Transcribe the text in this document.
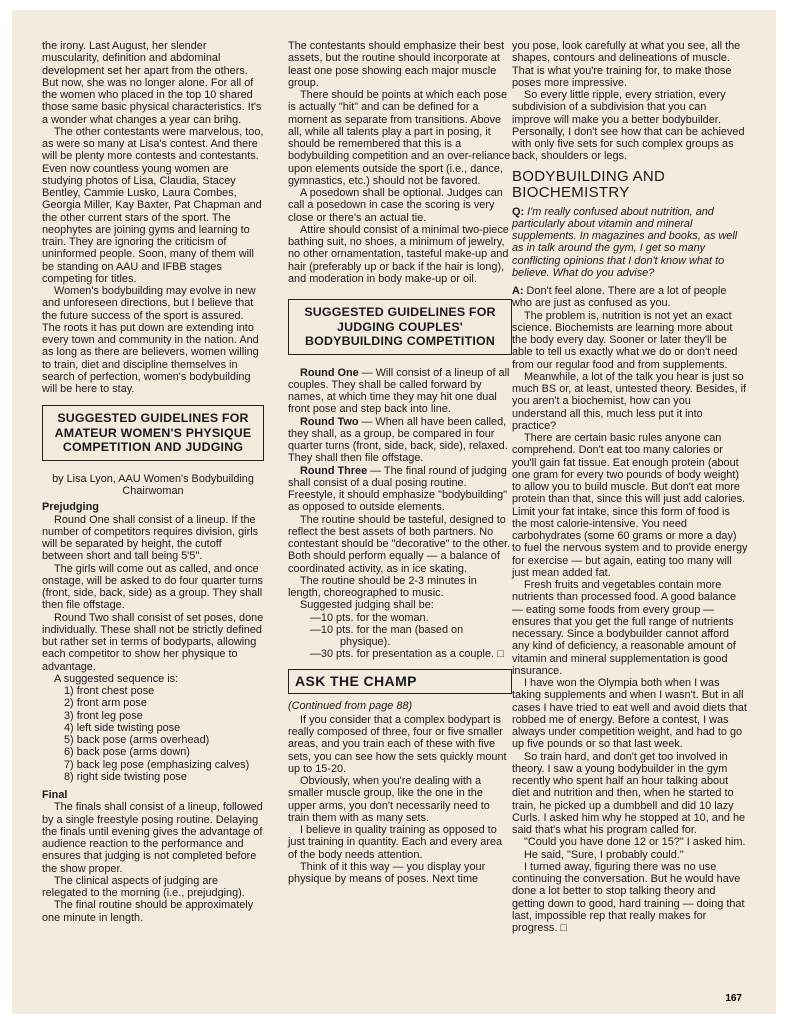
the irony. Last August, her slender muscularity, definition and abdominal development set her apart from the others. But now, she was no longer alone. For all of the women who placed in the top 10 shared those same basic physical characteristics. It's a wonder what changes a year can brihg.

The other contestants were marvelous, too, as were so many at Lisa's contest. And there will be plenty more contests and contestants. Even now countless young women are studying photos of Lisa, Claudia, Stacey Bentley, Cammie Lusko, Laura Combes, Georgia Miller, Kay Baxter, Pat Chapman and the other current stars of the sport. The neophytes are joining gyms and learning to train. They are ignoring the criticism of uninformed people. Soon, many of them will be standing on AAU and IFBB stages competing for titles.

Women's bodybuilding may evolve in new and unforeseen directions, but I believe that the future success of the sport is assured. The roots it has put down are extending into every town and community in the nation. And as long as there are believers, women willing to train, diet and discipline themselves in search of perfection, women's bodybuilding will be here to stay.

SUGGESTED GUIDELINES FOR AMATEUR WOMEN'S PHYSIQUE COMPETITION AND JUDGING

by Lisa Lyon, AAU Women's Bodybuilding Chairwoman

Prejudging

Round One shall consist of a lineup. If the number of competitors requires division, girls will be separated by height, the cutoff between short and tall being 5'5".

The girls will come out as called, and once onstage, will be asked to do four quarter turns (front, side, back, side) as a group. They shall then file offstage.

Round Two shall consist of set poses, done individually. These shall not be strictly defined but rather set in terms of bodyparts, allowing each competitor to show her physique to advantage.

A suggested sequence is:

1) front chest pose

2) front arm pose

3) front leg pose

4) left side twisting pose

5) back pose (arms overhead)

6) back pose (arms down)

7) back leg pose (emphasizing calves)

8) right side twisting pose

Final

The finals shall consist of a lineup, followed by a single freestyle posing routine. Delaying the finals until evening gives the advantage of audience reaction to the performance and ensures that judging is not completed before the show proper.

The clinical aspects of judging are relegated to the morning (i.e., prejudging).

The final routine should be approximately one minute in length.

The contestants should emphasize their best assets, but the routine should incorporate at least one pose showing each major muscle group.

There should be points at which each pose is actually "hit" and can be defined for a moment as separate from transitions. Above all, while all talents play a part in posing, it should be remembered that this is a bodybuilding competition and an over-reliance upon elements outside the sport (i.e., dance, gymnastics, etc.) should not be favored.

A posedown shall be optional. Judges can call a posedown in case the scoring is very close or there's an actual tie.

Attire should consist of a minimal two-piece bathing suit, no shoes, a minimum of jewelry, no other ornamentation, tasteful make-up and hair (preferably up or back if the hair is long), and moderation in body make-up or oil.

SUGGESTED GUIDELINES FOR JUDGING COUPLES' BODYBUILDING COMPETITION

Round One — Will consist of a lineup of all couples. They shall be called forward by names, at which time they may hit one dual front pose and step back into line.

Round Two — When all have been called, they shall, as a group, be compared in four quarter turns (front, side, back, side), relaxed. They shall then file offstage.

Round Three — The final round of judging shall consist of a dual posing routine. Freestyle, it should emphasize "bodybuilding" as opposed to outside elements.

The routine should be tasteful, designed to reflect the best assets of both partners. No contestant should be "decorative" to the other. Both should perform equally — a balance of coordinated activity, as in ice skating.

The routine should be 2-3 minutes in length, choreographed to music.

Suggested judging shall be:

—10 pts. for the woman.

—10 pts. for the man (based on physique).

—30 pts. for presentation as a couple. □

ASK THE CHAMP

(Continued from page 88)

If you consider that a complex bodypart is really composed of three, four or five smaller areas, and you train each of these with five sets, you can see how the sets quickly mount up to 15-20.

Obviously, when you're dealing with a smaller muscle group, like the one in the upper arms, you don't necessarily need to train them with as many sets.

I believe in quality training as opposed to just training in quantity. Each and every area of the body needs attention.

Think of it this way — you display your physique by means of poses. Next time

you pose, look carefully at what you see, all the shapes, contours and delineations of muscle. That is what you're training for, to make those poses more impressive.

So every little ripple, every striation, every subdivision of a subdivision that you can improve will make you a better bodybuilder. Personally, I don't see how that can be achieved with only five sets for such complex groups as back, shoulders or legs.

BODYBUILDING AND BIOCHEMISTRY

Q: I'm really confused about nutrition, and particularly about vitamin and mineral supplements. In magazines and books, as well as in talk around the gym, I get so many conflicting opinions that I don't know what to believe. What do you advise?

A: Don't feel alone. There are a lot of people who are just as confused as you.

The problem is, nutrition is not yet an exact science. Biochemists are learning more about the body every day. Sooner or later they'll be able to tell us exactly what we do or don't need from our regular food and from supplements.

Meanwhile, a lot of the talk you hear is just so much BS or, at least, untested theory. Besides, if you aren't a biochemist, how can you understand all this, much less put it into practice?

There are certain basic rules anyone can comprehend. Don't eat too many calories or you'll gain fat tissue. Eat enough protein (about one gram for every two pounds of body weight) to allow you to build muscle. But don't eat more protein than that, since this will just add calories. Limit your fat intake, since this form of food is the most calorie-intensive. You need carbohydrates (some 60 grams or more a day) to fuel the nervous system and to provide energy for exercise — but again, eating too many will just mean added fat.

Fresh fruits and vegetables contain more nutrients than processed food. A good balance — eating some foods from every group — ensures that you get the full range of nutrients necessary. Since a bodybuilder cannot afford any kind of deficiency, a reasonable amount of vitamin and mineral supplementation is good insurance.

I have won the Olympia both when I was taking supplements and when I wasn't. But in all cases I have tried to eat well and avoid diets that robbed me of energy. Before a contest, I was always under competition weight, and had to go up five pounds or so that last week.

So train hard, and don't get too involved in theory. I saw a young bodybuilder in the gym recently who spent half an hour talking about diet and nutrition and then, when he started to train, he picked up a dumbbell and did 10 lazy Curls. I asked him why he stopped at 10, and he said that's what his program called for.

"Could you have done 12 or 15?" I asked him.

He said, "Sure, I probably could."

I turned away, figuring there was no use continuing the conversation. But he would have done a lot better to stop talking theory and getting down to good, hard training — doing that last, impossible rep that really makes for progress. □

167
